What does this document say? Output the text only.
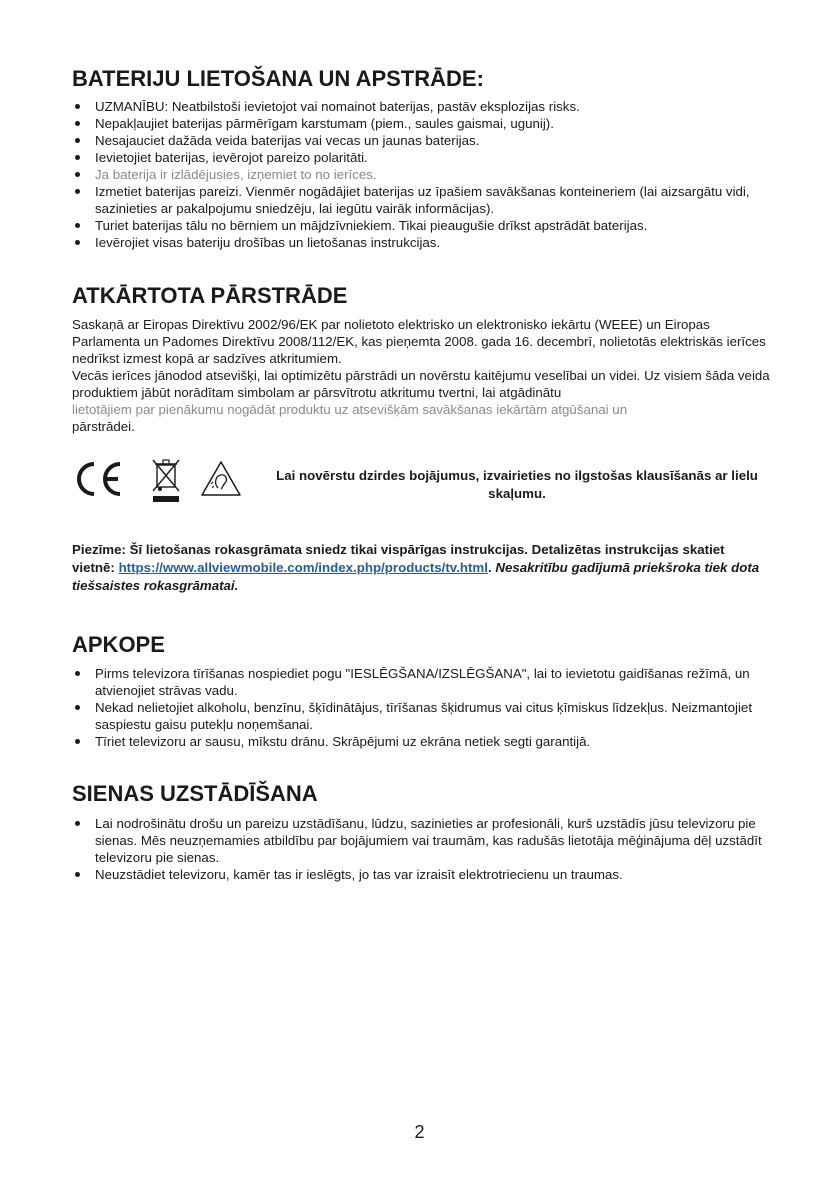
BATERIJU LIETOŠANA UN APSTRĀDE:
UZMANĪBU: Neatbilstoši ievietojot vai nomainot baterijas, pastāv eksplozijas risks.
Nepakļaujiet baterijas pārmērīgam karstumam (piem., saules gaismai, ugunij).
Nesajauciet dažāda veida baterijas vai vecas un jaunas baterijas.
Ievietojiet baterijas, ievērojot pareizo polaritāti.
Ja baterija ir izlādējusies, izņemiet to no ierīces.
Izmetiet baterijas pareizi. Vienmēr nogādājiet baterijas uz īpašiem savākšanas konteineriem (lai aizsargātu vidi, sazinieties ar pakalpojumu sniedzēju, lai iegūtu vairāk informācijas).
Turiet baterijas tālu no bērniem un mājdzīvniekiem. Tikai pieaugušie drīkst apstrādāt baterijas.
Ievērojiet visas bateriju drošības un lietošanas instrukcijas.
ATKĀRTOTA PĀRSTRĀDE

Saskaņā ar Eiropas Direktīvu 2002/96/EK par nolietoto elektrisko un elektronisko iekārtu (WEEE) un Eiropas Parlamenta un Padomes Direktīvu 2008/112/EK, kas pieņemta 2008. gada 16. decembrī, nolietotās elektriskās ierīces nedrīkst izmest kopā ar sadzīves atkritumiem.

Vecās ierīces jānodod atsevišķi, lai optimizētu pārstrādi un novērstu kaitējumu veselībai un videi. Uz visiem šāda veida produktiem jābūt norādītam simbolam ar pārsvītrotu atkritumu tvertni, lai atgādinātu

lietotājiem par pienākumu nogādāt produktu uz atsevišķām savākšanas iekārtām atgūšanai un

pārstrādei.

Lai novērstu dzirdes bojājumus, izvairieties no ilgstošas klausīšanās ar lielu skaļumu.

Piezīme: Šī lietošanas rokasgrāmata sniedz tikai vispārīgas instrukcijas. Detalizētas instrukcijas skatiet vietnē: https://www.allviewmobile.com/index.php/products/tv.html. Nesakritību gadījumā priekšroka tiek dota tiešsaistes rokasgrāmatai.

APKOPE
Pirms televizora tīrīšanas nospiediet pogu "IESLĒGŠANA/IZSLĒGŠANA", lai to ievietotu gaidīšanas režīmā, un atvienojiet strāvas vadu.
Nekad nelietojiet alkoholu, benzīnu, šķīdinātājus, tīrīšanas šķidrumus vai citus ķīmiskus līdzekļus. Neizmantojiet saspiestu gaisu putekļu noņemšanai.
Tīriet televizoru ar sausu, mīkstu drānu. Skrāpējumi uz ekrāna netiek segti garantijā.
SIENAS UZSTĀDĪŠANA
Lai nodrošinātu drošu un pareizu uzstādīšanu, lūdzu, sazinieties ar profesionāli, kurš uzstādīs jūsu televizoru pie sienas. Mēs neuzņemamies atbildību par bojājumiem vai traumām, kas radušās lietotāja mēģinājuma dēļ uzstādīt televizoru pie sienas.
Neuzstādiet televizoru, kamēr tas ir ieslēgts, jo tas var izraisīt elektrotriecienu un traumas.
2
